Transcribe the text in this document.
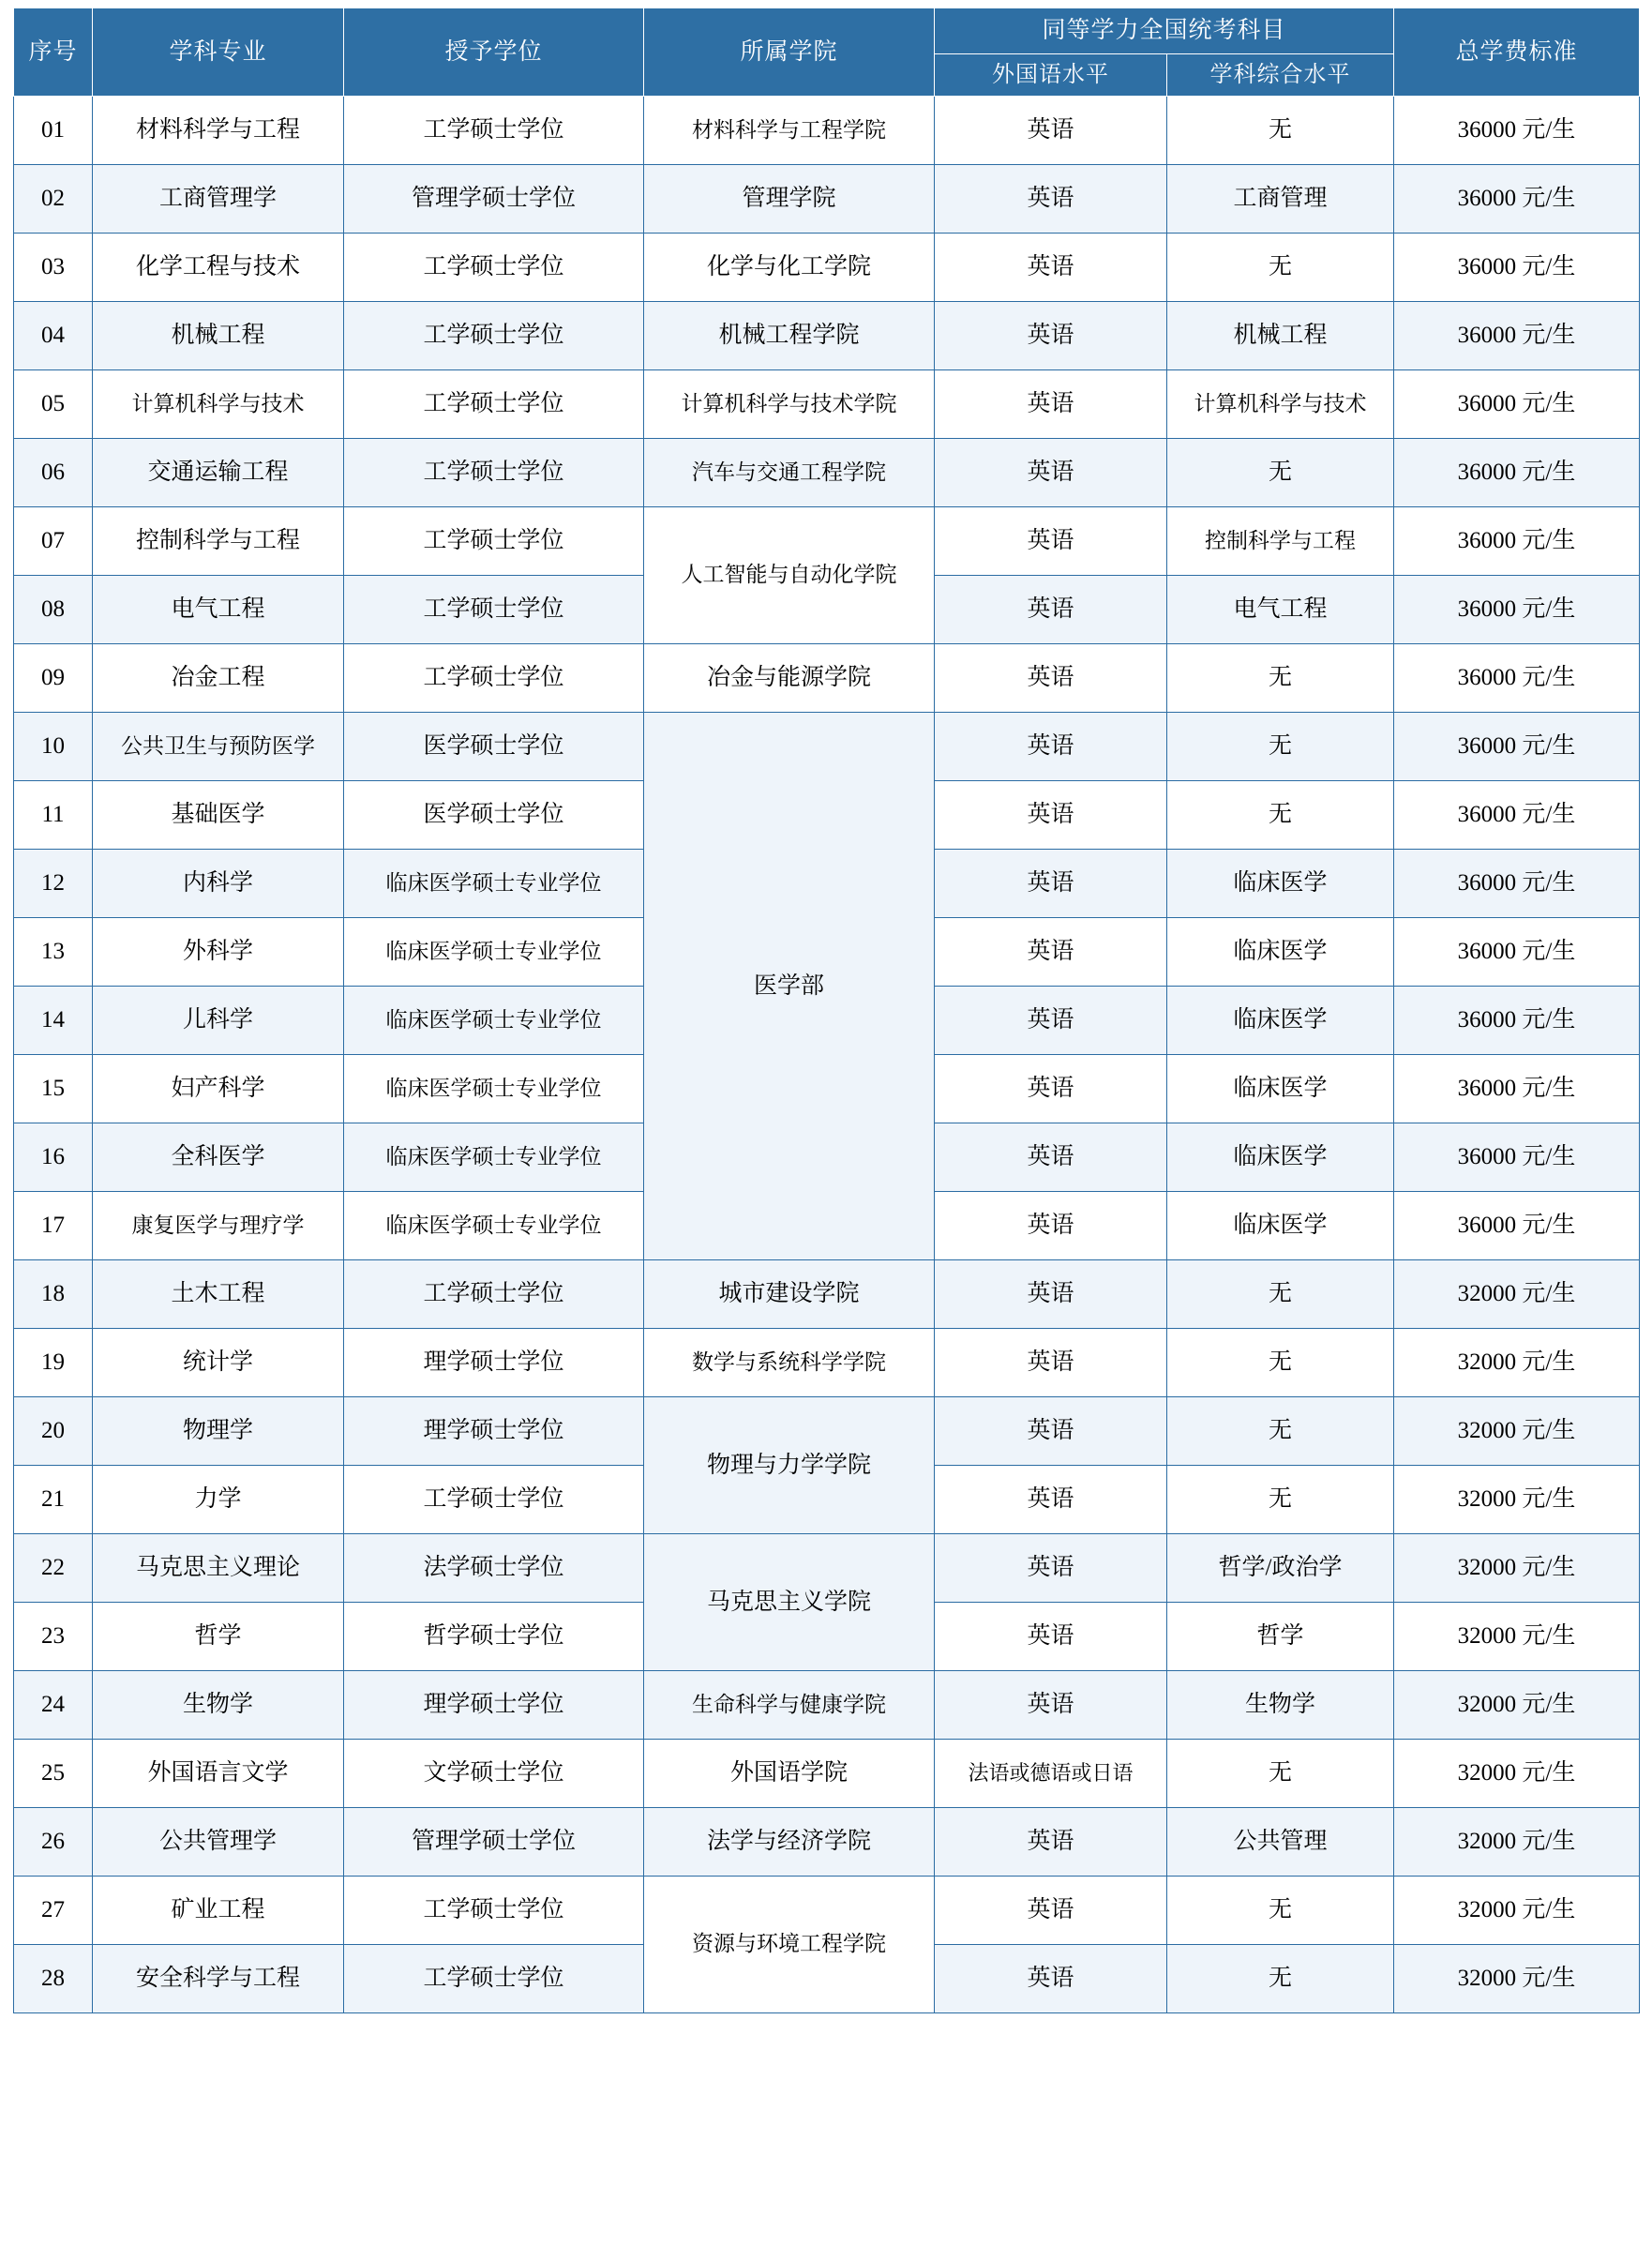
序号	学科专业	授予学位	所属学院	同等学力全国统考科目		总学费标准
				外国语水平	学科综合水平	
01	材料科学与工程	工学硕士学位	材料科学与工程学院	英语	无	36000 元/生
02	工商管理学	管理学硕士学位	管理学院	英语	工商管理	36000 元/生
03	化学工程与技术	工学硕士学位	化学与化工学院	英语	无	36000 元/生
04	机械工程	工学硕士学位	机械工程学院	英语	机械工程	36000 元/生
05	计算机科学与技术	工学硕士学位	计算机科学与技术学院	英语	计算机科学与技术	36000 元/生
06	交通运输工程	工学硕士学位	汽车与交通工程学院	英语	无	36000 元/生
07	控制科学与工程	工学硕士学位	人工智能与自动化学院	英语	控制科学与工程	36000 元/生
08	电气工程	工学硕士学位		英语	电气工程	36000 元/生
09	冶金工程	工学硕士学位	冶金与能源学院	英语	无	36000 元/生
10	公共卫生与预防医学	医学硕士学位	医学部	英语	无	36000 元/生
11	基础医学	医学硕士学位		英语	无	36000 元/生
12	内科学	临床医学硕士专业学位		英语	临床医学	36000 元/生
13	外科学	临床医学硕士专业学位		英语	临床医学	36000 元/生
14	儿科学	临床医学硕士专业学位		英语	临床医学	36000 元/生
15	妇产科学	临床医学硕士专业学位		英语	临床医学	36000 元/生
16	全科医学	临床医学硕士专业学位		英语	临床医学	36000 元/生
17	康复医学与理疗学	临床医学硕士专业学位		英语	临床医学	36000 元/生
18	土木工程	工学硕士学位	城市建设学院	英语	无	32000 元/生
19	统计学	理学硕士学位	数学与系统科学学院	英语	无	32000 元/生
20	物理学	理学硕士学位	物理与力学学院	英语	无	32000 元/生
21	力学	工学硕士学位		英语	无	32000 元/生
22	马克思主义理论	法学硕士学位	马克思主义学院	英语	哲学/政治学	32000 元/生
23	哲学	哲学硕士学位		英语	哲学	32000 元/生
24	生物学	理学硕士学位	生命科学与健康学院	英语	生物学	32000 元/生
25	外国语言文学	文学硕士学位	外国语学院	法语或德语或日语	无	32000 元/生
26	公共管理学	管理学硕士学位	法学与经济学院	英语	公共管理	32000 元/生
27	矿业工程	工学硕士学位	资源与环境工程学院	英语	无	32000 元/生
28	安全科学与工程	工学硕士学位		英语	无	32000 元/生
